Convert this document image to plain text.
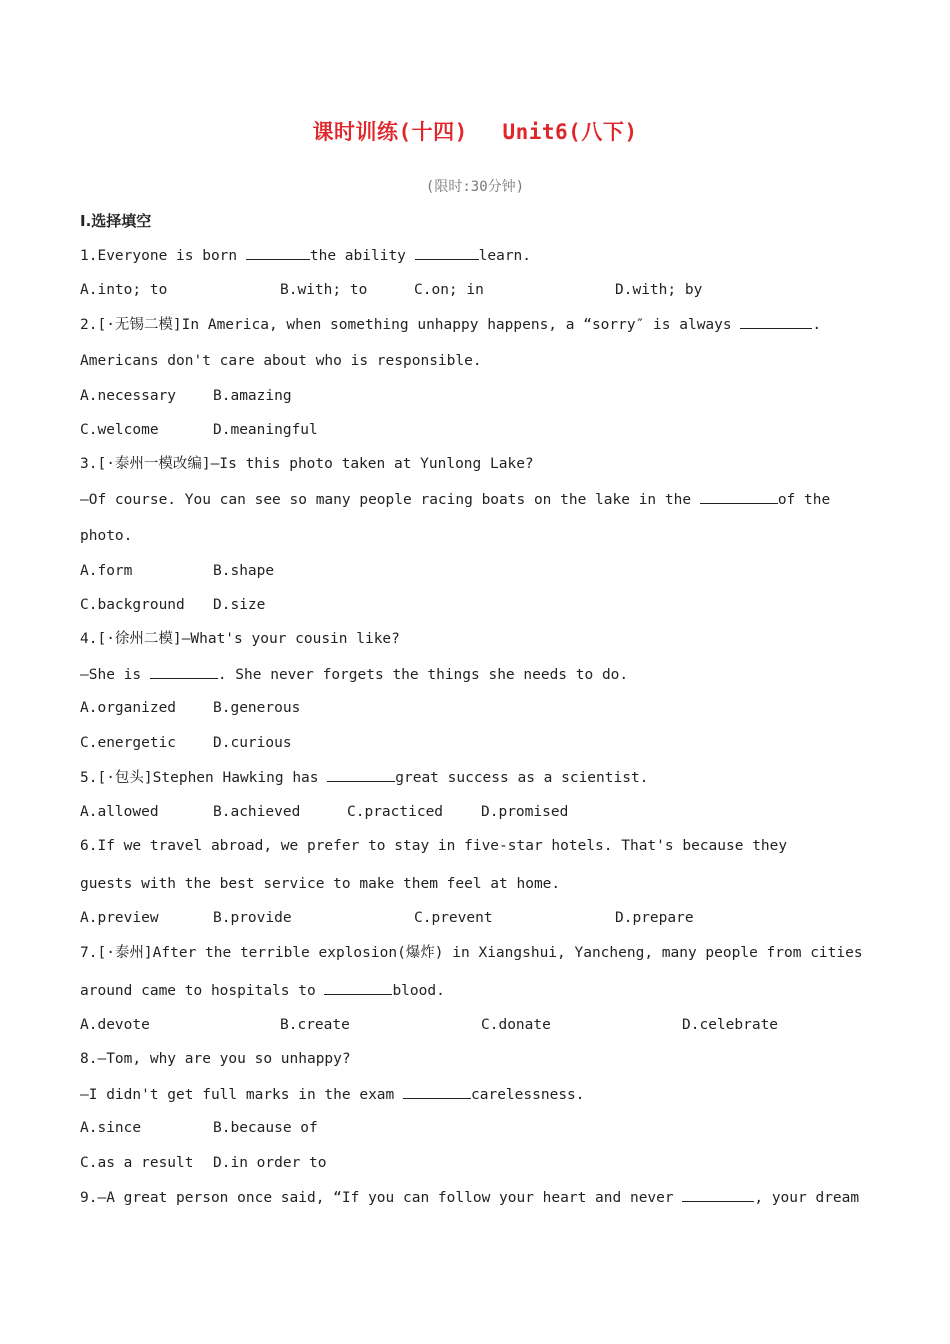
课时训练(十四)　 Unit6(八下)
(限时:30分钟)
Ⅰ.选择填空
1.Everyone is born	the ability	learn.
A.into; to	B.with; to	C.on; in	D.with; by
2.[·无锡二模]In America, when something unhappy happens, a “sorry″ is always	.
Americans don't care about who is responsible.
A.necessary	B.amazing
C.welcome	D.meaningful
3.[·泰州一模改编]—Is this photo taken at Yunlong Lake?
—Of course. You can see so many people racing boats on the lake in the	of the
photo.
A.form	B.shape
C.background D.size
4.[·徐州二模]—What's your cousin like?
—She is	. She never forgets the things she needs to do.
A.organized	B.generous
C.energetic	D.curious
5.[·包头]Stephen Hawking has	great success as a scientist.
A.allowed	B.achieved	C.practiced	D.promised
6.If we travel abroad, we prefer to stay in five-star hotels. That's because they
guests with the best service to make them feel at home.
A.preview	B.provide	C.prevent	D.prepare
7.[·泰州]After the terrible explosion(爆炸) in Xiangshui, Yancheng, many people from cities
around came to hospitals to	blood.
A.devote	B.create	C.donate	D.celebrate
8.—Tom, why are you so unhappy?
—I didn't get full marks in the exam	carelessness.
A.since	B.because of
C.as a result D.in order to
9.—A great person once said, “If you can follow your heart and never	, your dream
